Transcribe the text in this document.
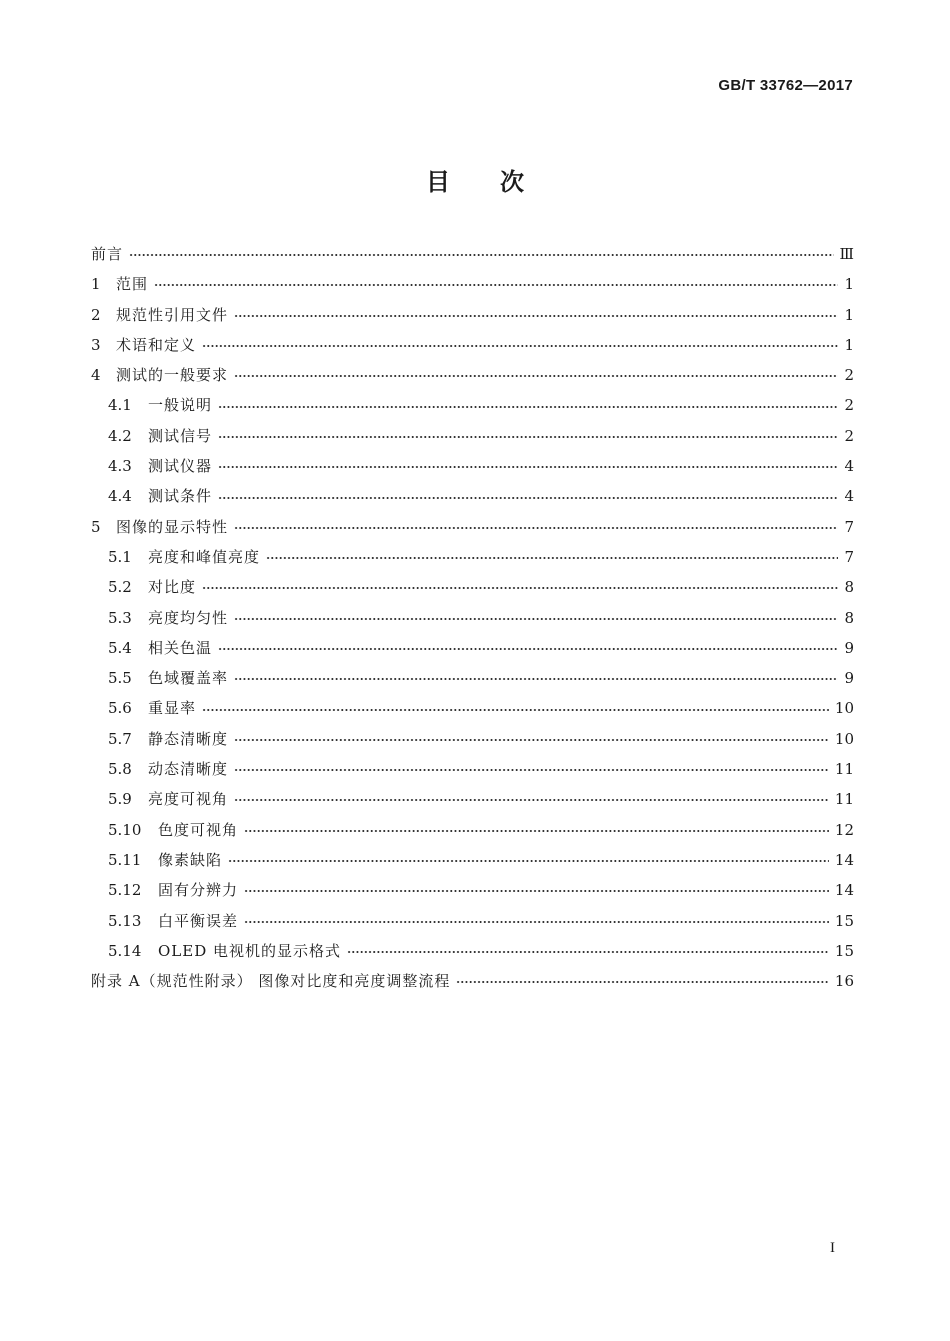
GB/T 33762—2017
目次
前言	Ⅲ
1	范围	1
2	规范性引用文件	1
3	术语和定义	1
4	测试的一般要求	2
4.1	一般说明	2
4.2	测试信号	2
4.3	测试仪器	4
4.4	测试条件	4
5	图像的显示特性	7
5.1	亮度和峰值亮度	7
5.2	对比度	8
5.3	亮度均匀性	8
5.4	相关色温	9
5.5	色域覆盖率	9
5.6	重显率	10
5.7	静态清晰度	10
5.8	动态清晰度	11
5.9	亮度可视角	11
5.10	色度可视角	12
5.11	像素缺陷	14
5.12	固有分辨力	14
5.13	白平衡误差	15
5.14	OLED 电视机的显示格式	15
附录 A（规范性附录） 图像对比度和亮度调整流程	16
I
